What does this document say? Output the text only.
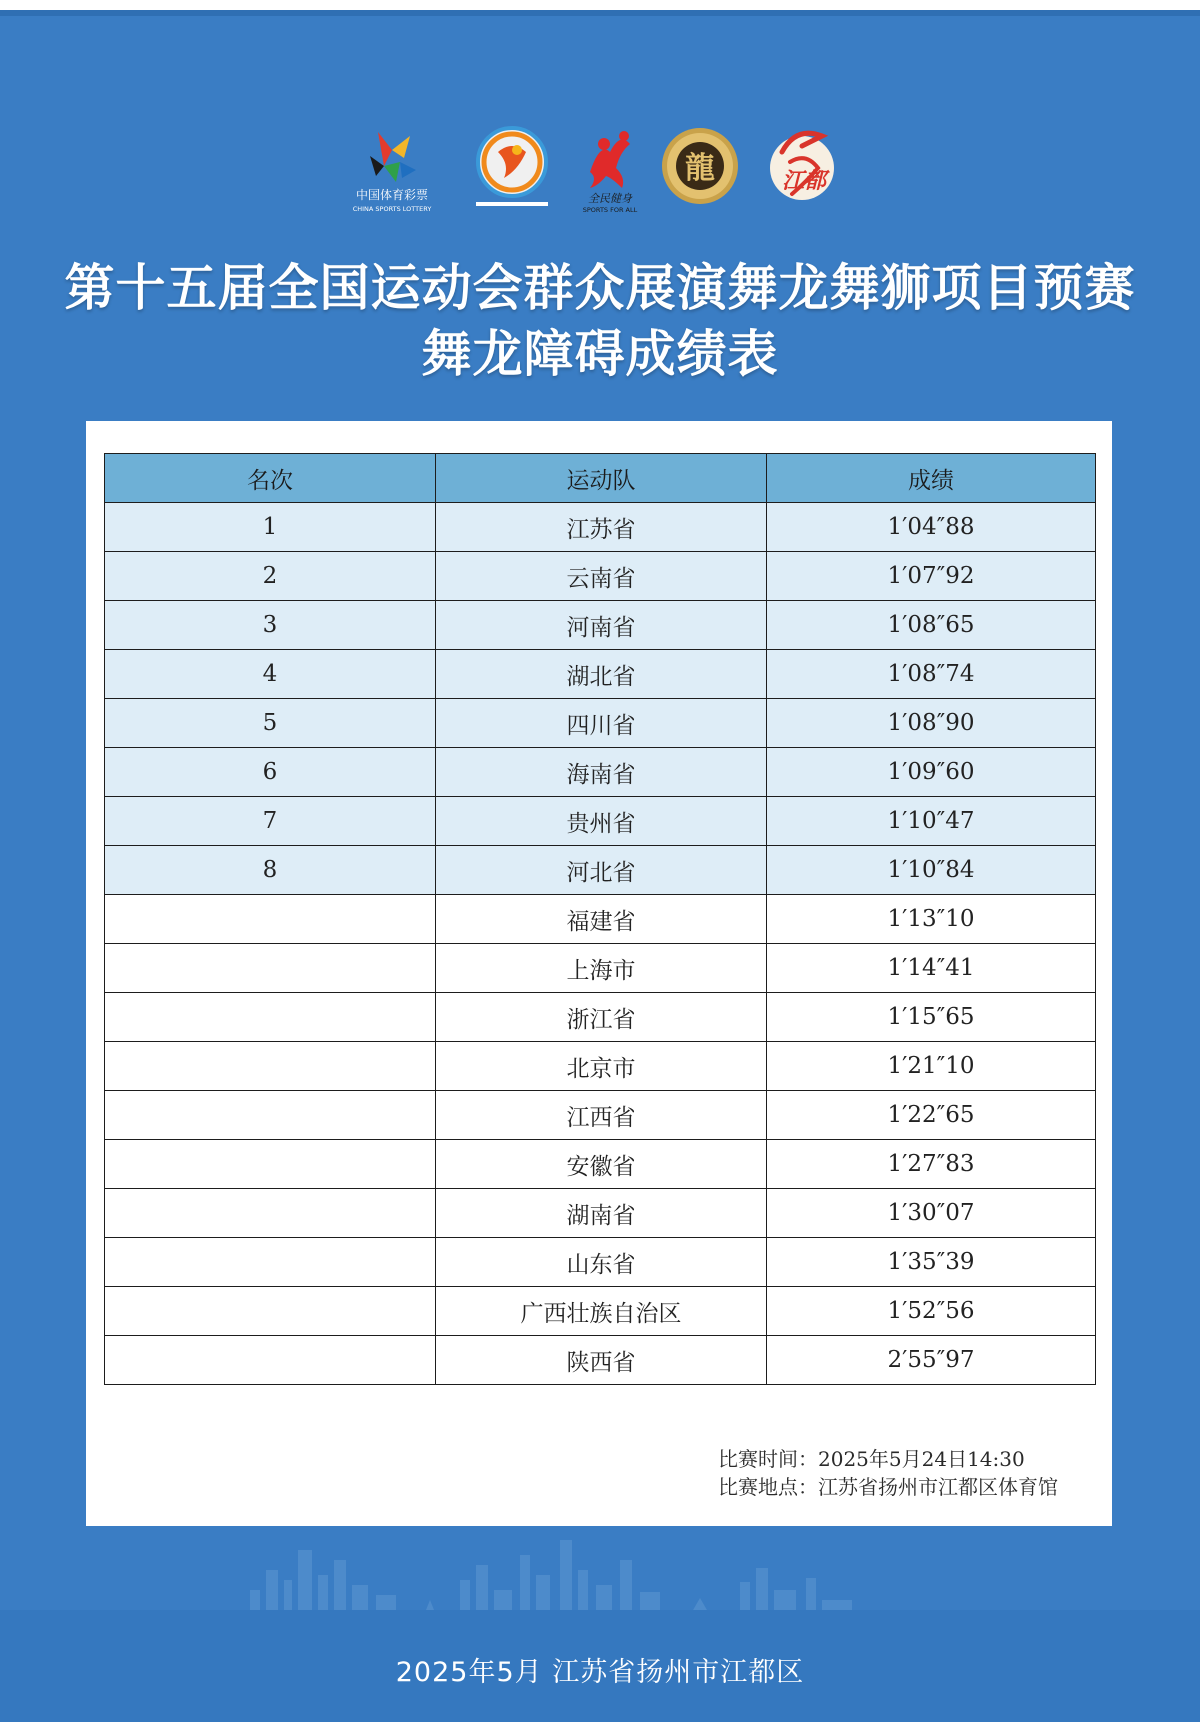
中国体育彩票
CHINA SPORTS LOTTERY
全民健身
SPORTS FOR ALL
龍	江都
第十五届全国运动会群众展演舞龙舞狮项目预赛
舞龙障碍成绩表
名次	运动队	成绩
1	江苏省	1′04″88
2	云南省	1′07″92
3	河南省	1′08″65
4	湖北省	1′08″74
5	四川省	1′08″90
6	海南省	1′09″60
7	贵州省	1′10″47
8	河北省	1′10″84
	福建省	1′13″10
	上海市	1′14″41
	浙江省	1′15″65
	北京市	1′21″10
	江西省	1′22″65
	安徽省	1′27″83
	湖南省	1′30″07
	山东省	1′35″39
	广西壮族自治区	1′52″56
	陕西省	2′55″97
比赛时间：2025年5月24日14:30
比赛地点：江苏省扬州市江都区体育馆
2025年5月 江苏省扬州市江都区
